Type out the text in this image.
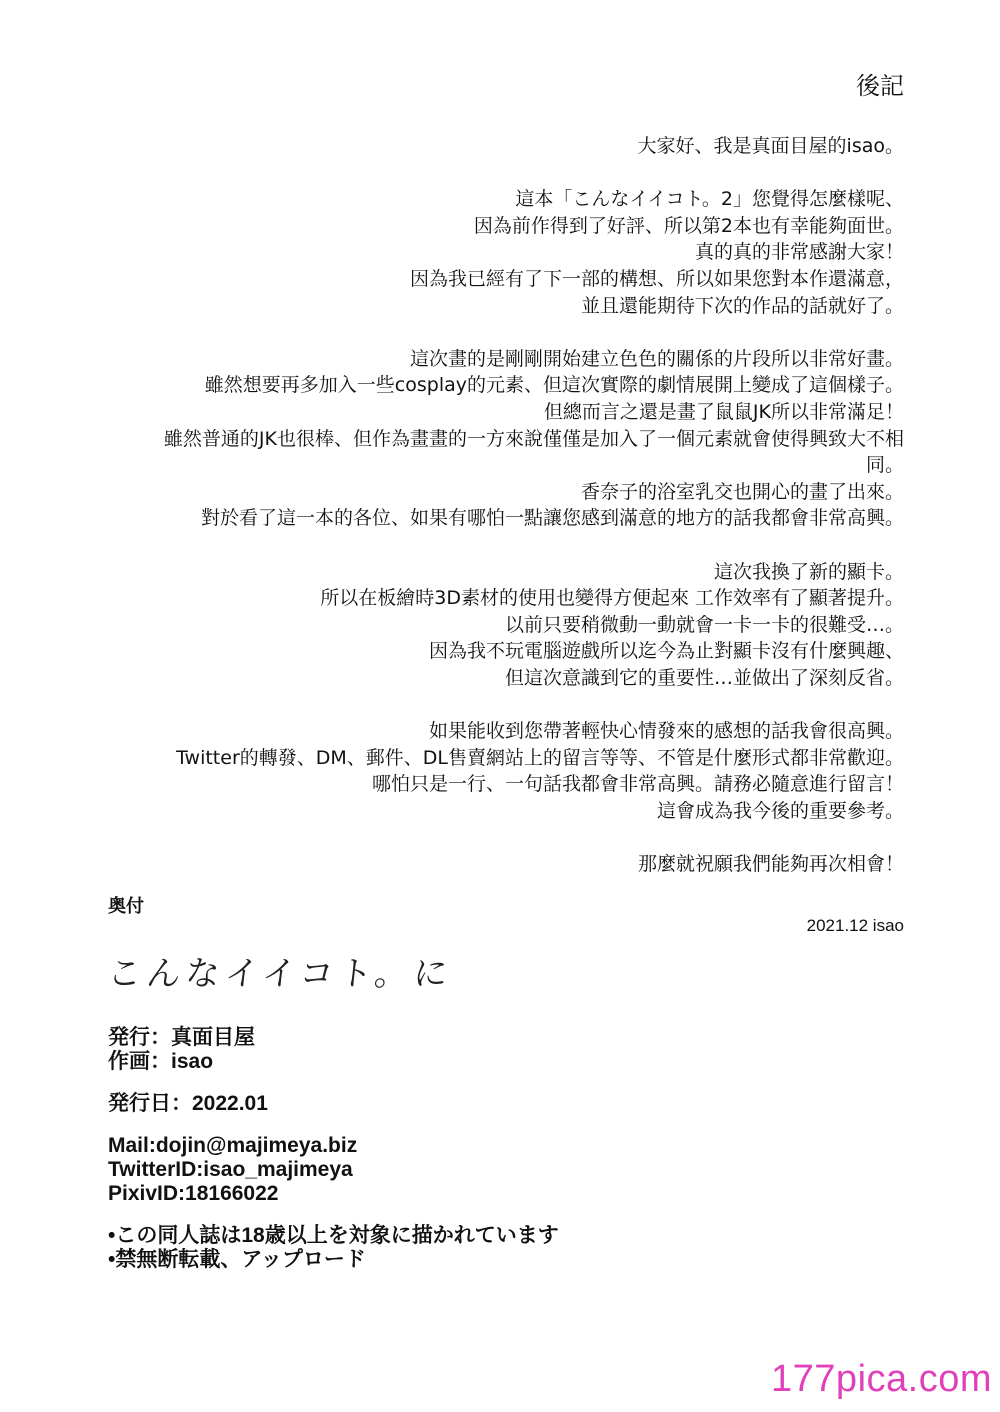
後記

大家好、我是真面目屋的isao。

這本「こんなイイコト。2」您覺得怎麼樣呢、
因為前作得到了好評、所以第2本也有幸能夠面世。
真的真的非常感謝大家！
因為我已經有了下一部的構想、所以如果您對本作還滿意，
並且還能期待下次的作品的話就好了。

這次畫的是剛剛開始建立色色的關係的片段所以非常好畫。
雖然想要再多加入一些cosplay的元素、但這次實際的劇情展開上變成了這個樣子。
但總而言之還是畫了鼠鼠JK所以非常滿足！
雖然普通的JK也很棒、但作為畫畫的一方來說僅僅是加入了一個元素就會使得興致大不相
同。
香奈子的浴室乳交也開心的畫了出來。
對於看了這一本的各位、如果有哪怕一點讓您感到滿意的地方的話我都會非常高興。

這次我換了新的顯卡。
所以在板繪時3D素材的使用也變得方便起來 工作效率有了顯著提升。
以前只要稍微動一動就會一卡一卡的很難受…。
因為我不玩電腦遊戲所以迄今為止對顯卡沒有什麼興趣、
但這次意識到它的重要性…並做出了深刻反省。

如果能收到您帶著輕快心情發來的感想的話我會很高興。
Twitter的轉發、DM、郵件、DL售賣網站上的留言等等、不管是什麼形式都非常歡迎。
哪怕只是一行、一句話我都會非常高興。請務必隨意進行留言！
這會成為我今後的重要參考。

那麼就祝願我們能夠再次相會！

奥付
2021.12 isao
こんなイイコト。に
発行：真面目屋
作画：isao
発行日：2022.01
Mail:dojin@majimeya.biz
TwitterID:isao_majimeya
PixivID:18166022
•この同人誌は18歳以上を対象に描かれています
•禁無断転載、アップロード
177pica.com
